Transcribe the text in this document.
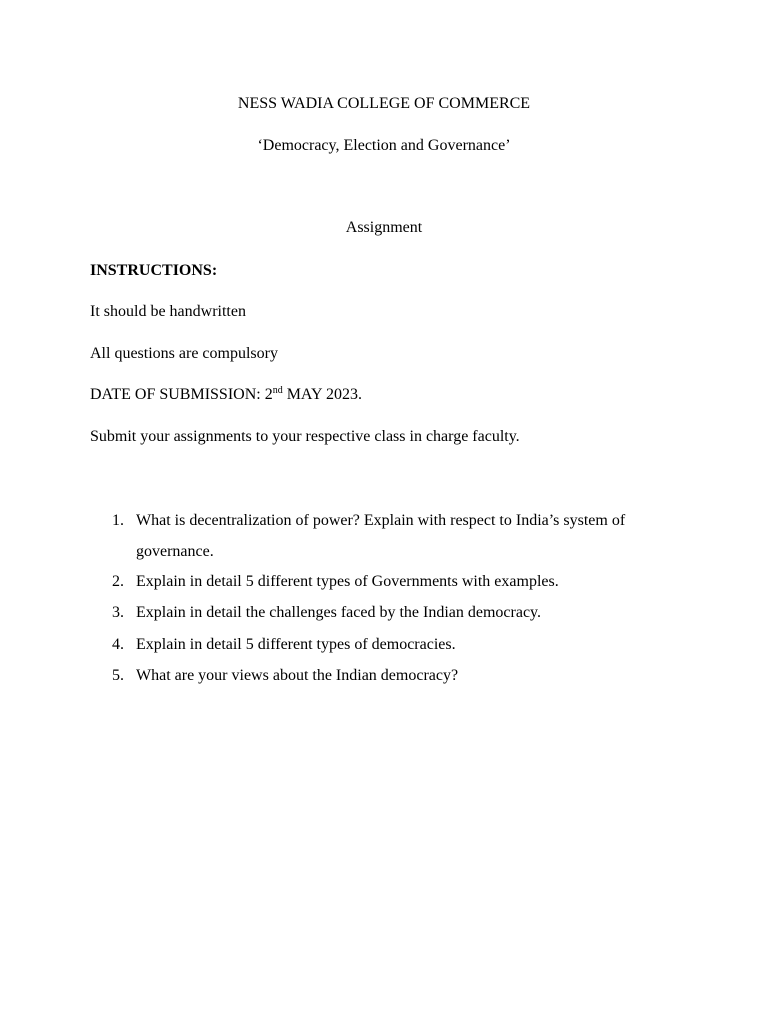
NESS WADIA COLLEGE OF COMMERCE
‘Democracy, Election and Governance’
Assignment
INSTRUCTIONS:
It should be handwritten
All questions are compulsory
DATE OF SUBMISSION: 2nd MAY 2023.
Submit your assignments to your respective class in charge faculty.
1. What is decentralization of power? Explain with respect to India’s system of
governance.
2. Explain in detail 5 different types of Governments with examples.
3. Explain in detail the challenges faced by the Indian democracy.
4. Explain in detail 5 different types of democracies.
5. What are your views about the Indian democracy?
